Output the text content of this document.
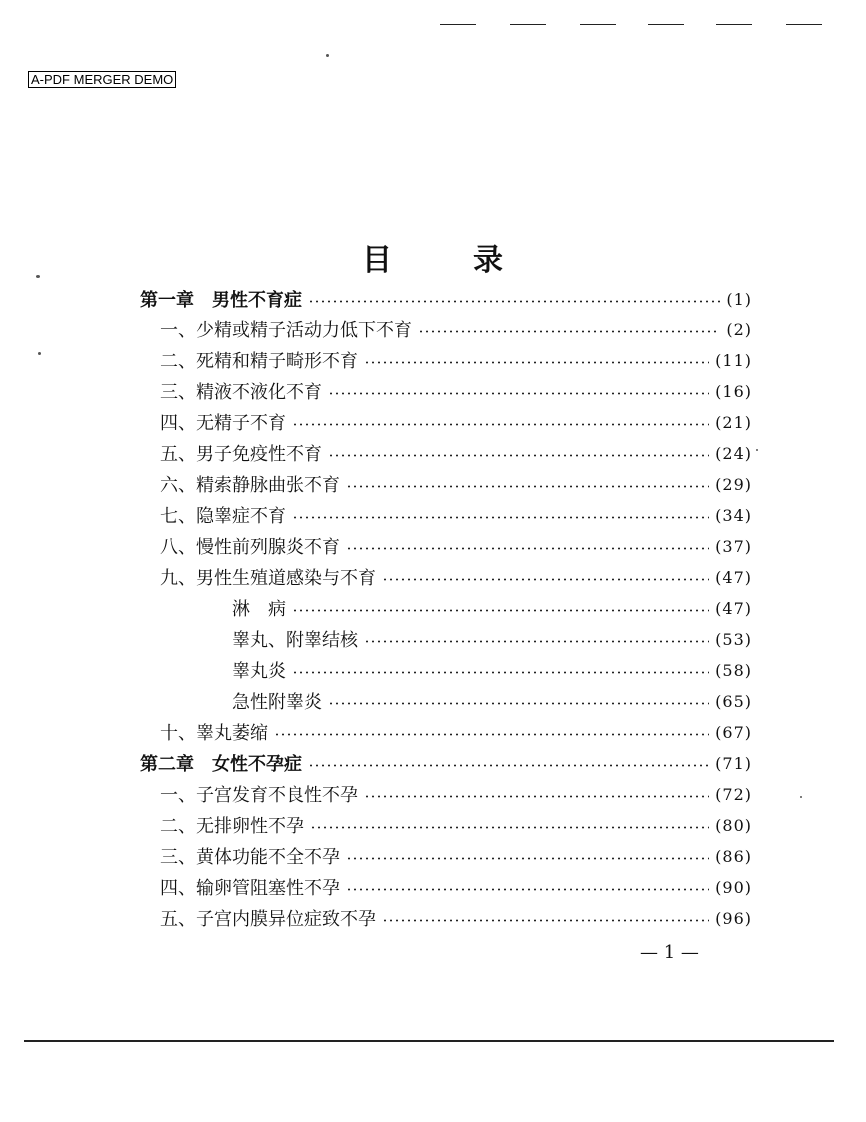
A-PDF MERGER DEMO
目	录
第一章　男性不育症	(1)
一、少精或精子活动力低下不育	(2)
二、死精和精子畸形不育	(11)
三、精液不液化不育	(16)
四、无精子不育	(21)
五、男子免疫性不育	(24)
六、精索静脉曲张不育	(29)
七、隐睾症不育	(34)
八、慢性前列腺炎不育	(37)
九、男性生殖道感染与不育	(47)
淋　病	(47)
睾丸、附睾结核	(53)
睾丸炎	(58)
急性附睾炎	(65)
十、睾丸萎缩	(67)
第二章　女性不孕症	(71)
一、子宫发育不良性不孕	(72)
二、无排卵性不孕	(80)
三、黄体功能不全不孕	(86)
四、输卵管阻塞性不孕	(90)
五、子宫内膜异位症致不孕	(96)
— 1 —
